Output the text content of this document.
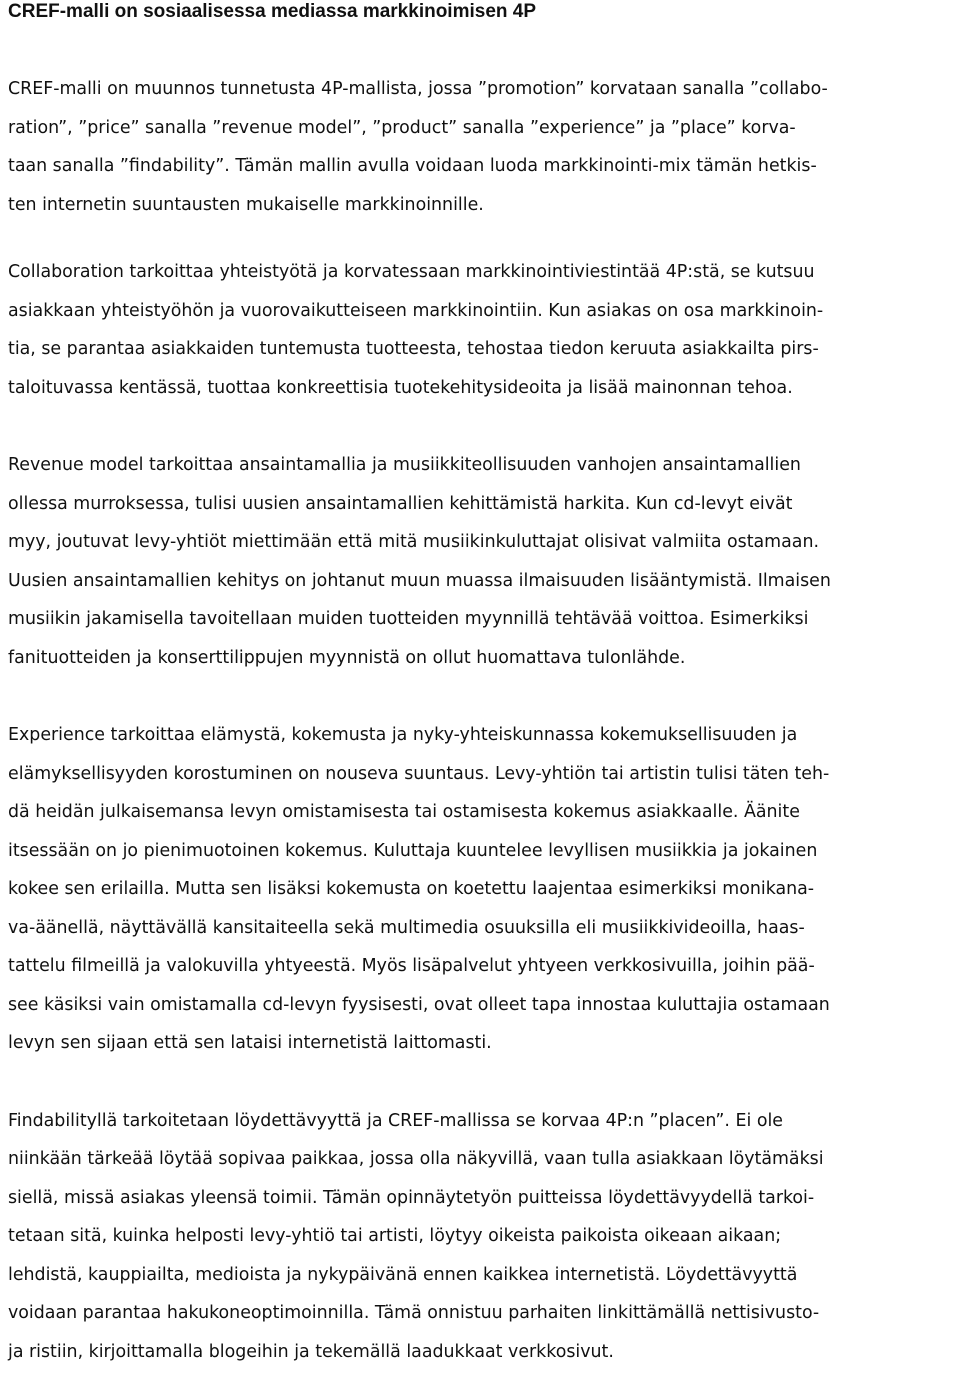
CREF-malli on sosiaalisessa mediassa markkinoimisen 4P
CREF-malli on muunnos tunnetusta 4P-mallista, jossa ”promotion” korvataan sanalla ”collabo-
ration”, ”price” sanalla ”revenue model”, ”product” sanalla ”experience” ja ”place” korva-
taan sanalla ”findability”. Tämän mallin avulla voidaan luoda markkinointi-mix tämän hetkis-
ten internetin suuntausten mukaiselle markkinoinnille.
Collaboration tarkoittaa yhteistyötä ja korvatessaan markkinointiviestintää 4P:stä, se kutsuu
asiakkaan yhteistyöhön ja vuorovaikutteiseen markkinointiin. Kun asiakas on osa markkinoin-
tia, se parantaa asiakkaiden tuntemusta tuotteesta, tehostaa tiedon keruuta asiakkailta pirs-
taloituvassa kentässä, tuottaa konkreettisia tuotekehitysideoita ja lisää mainonnan tehoa.
Revenue model tarkoittaa ansaintamallia ja musiikkiteollisuuden vanhojen ansaintamallien
ollessa murroksessa, tulisi uusien ansaintamallien kehittämistä harkita. Kun cd-levyt eivät
myy, joutuvat levy-yhtiöt miettimään että mitä musiikinkuluttajat olisivat valmiita ostamaan.
Uusien ansaintamallien kehitys on johtanut muun muassa ilmaisuuden lisääntymistä. Ilmaisen
musiikin jakamisella tavoitellaan muiden tuotteiden myynnillä tehtävää voittoa. Esimerkiksi
fanituotteiden ja konserttilippujen myynnistä on ollut huomattava tulonlähde.
Experience tarkoittaa elämystä, kokemusta ja nyky-yhteiskunnassa kokemuksellisuuden ja
elämyksellisyyden korostuminen on nouseva suuntaus. Levy-yhtiön tai artistin tulisi täten teh-
dä heidän julkaisemansa levyn omistamisesta tai ostamisesta kokemus asiakkaalle. Äänite
itsessään on jo pienimuotoinen kokemus. Kuluttaja kuuntelee levyllisen musiikkia ja jokainen
kokee sen erilailla. Mutta sen lisäksi kokemusta on koetettu laajentaa esimerkiksi monikana-
va-äänellä, näyttävällä kansitaiteella sekä multimedia osuuksilla eli musiikkivideoilla, haas-
tattelu filmeillä ja valokuvilla yhtyeestä. Myös lisäpalvelut yhtyeen verkkosivuilla, joihin pää-
see käsiksi vain omistamalla cd-levyn fyysisesti, ovat olleet tapa innostaa kuluttajia ostamaan
levyn sen sijaan että sen lataisi internetistä laittomasti.
Findabilityllä tarkoitetaan löydettävyyttä ja CREF-mallissa se korvaa 4P:n ”placen”. Ei ole
niinkään tärkeää löytää sopivaa paikkaa, jossa olla näkyvillä, vaan tulla asiakkaan löytämäksi
siellä, missä asiakas yleensä toimii. Tämän opinnäytetyön puitteissa löydettävyydellä tarkoi-
tetaan sitä, kuinka helposti levy-yhtiö tai artisti, löytyy oikeista paikoista oikeaan aikaan;
lehdistä, kauppiailta, medioista ja nykypäivänä ennen kaikkea internetistä. Löydettävyyttä
voidaan parantaa hakukoneoptimoinnilla. Tämä onnistuu parhaiten linkittämällä nettisivusto-
ja ristiin, kirjoittamalla blogeihin ja tekemällä laadukkaat verkkosivut.
